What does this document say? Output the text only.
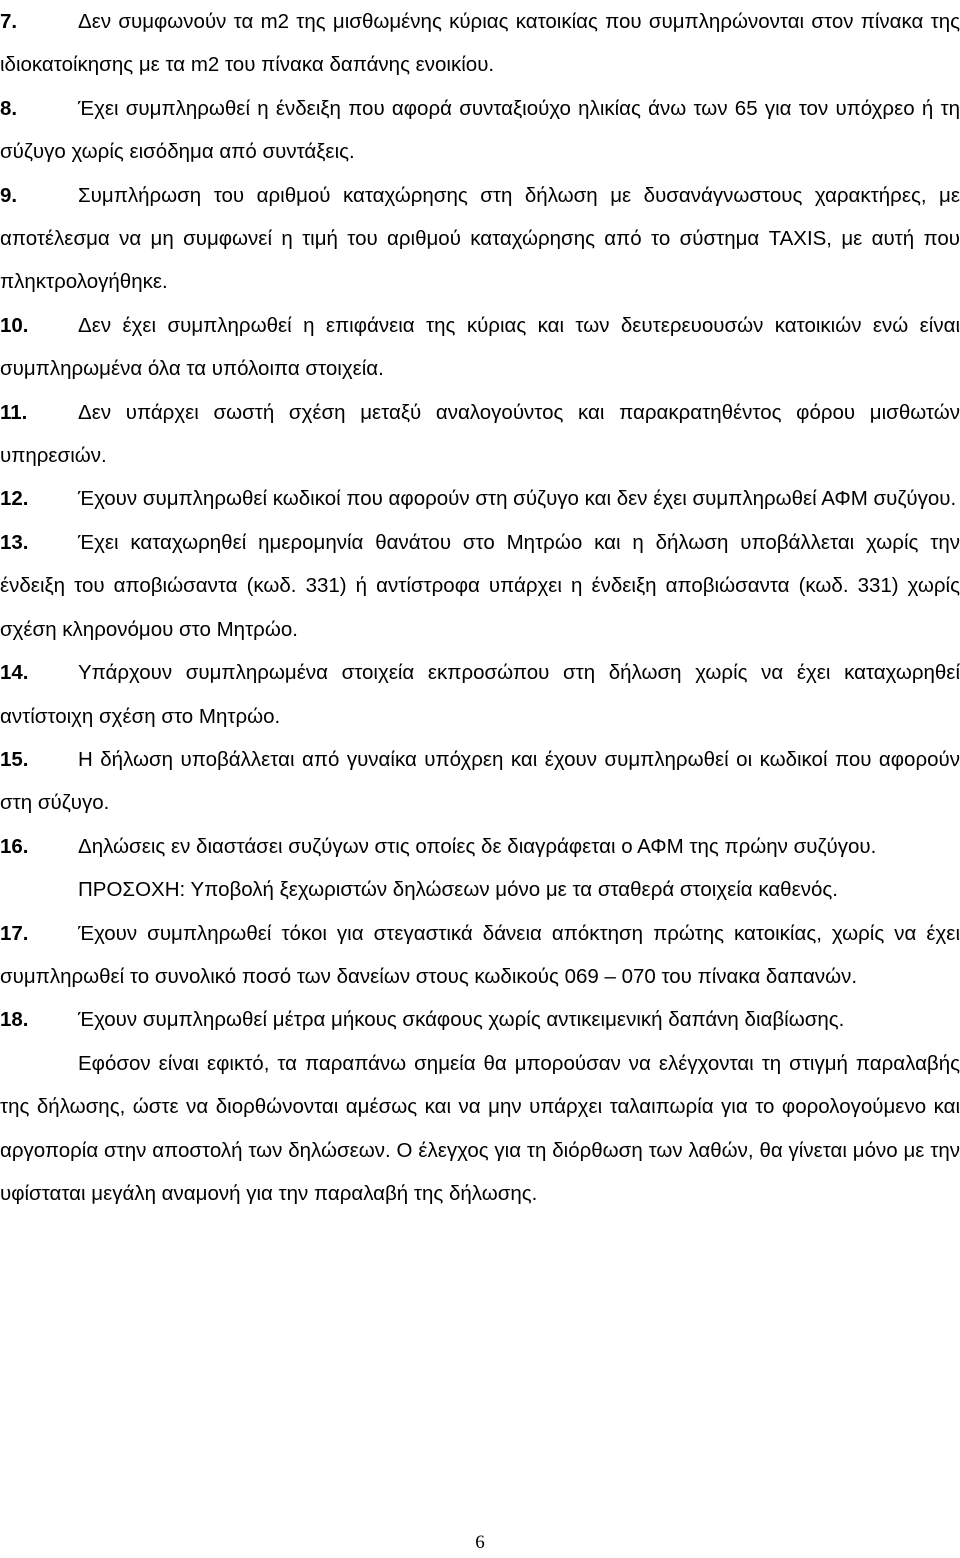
7.	Δεν συμφωνούν τα m2 της μισθωμένης κύριας κατοικίας που συμπληρώνονται στον πίνακα της ιδιοκατοίκησης με τα m2 του πίνακα δαπάνης ενοικίου.

8.	Έχει συμπληρωθεί η ένδειξη που αφορά συνταξιούχο ηλικίας άνω των 65 για τον υπόχρεο ή τη σύζυγο χωρίς εισόδημα από συντάξεις.

9.	Συμπλήρωση του αριθμού καταχώρησης στη δήλωση με δυσανάγνωστους χαρακτήρες, με αποτέλεσμα να μη συμφωνεί η τιμή του αριθμού καταχώρησης από το σύστημα TAXIS, με αυτή που πληκτρολογήθηκε.

10. Δεν έχει συμπληρωθεί η επιφάνεια της κύριας και των δευτερευουσών κατοικιών ενώ είναι συμπληρωμένα όλα τα υπόλοιπα στοιχεία.

11. Δεν υπάρχει σωστή σχέση μεταξύ αναλογούντος και παρακρατηθέντος φόρου μισθωτών υπηρεσιών.

12. Έχουν συμπληρωθεί κωδικοί που αφορούν στη σύζυγο και δεν έχει συμπληρωθεί ΑΦΜ συζύγου.

13. Έχει καταχωρηθεί ημερομηνία θανάτου στο Μητρώο και η δήλωση υποβάλλεται χωρίς την ένδειξη του αποβιώσαντα (κωδ. 331) ή αντίστροφα υπάρχει η ένδειξη αποβιώσαντα (κωδ. 331) χωρίς σχέση κληρονόμου στο Μητρώο.

14. Υπάρχουν συμπληρωμένα στοιχεία εκπροσώπου στη δήλωση χωρίς να έχει καταχωρηθεί αντίστοιχη σχέση στο Μητρώο.

15. Η δήλωση υποβάλλεται από γυναίκα υπόχρεη και έχουν συμπληρωθεί οι κωδικοί που αφορούν στη σύζυγο.

16. Δηλώσεις εν διαστάσει συζύγων στις οποίες δε διαγράφεται ο ΑΦΜ της πρώην συζύγου.

ΠΡΟΣΟΧΗ: Υποβολή ξεχωριστών δηλώσεων μόνο με τα σταθερά στοιχεία καθενός.

17. Έχουν συμπληρωθεί τόκοι για στεγαστικά δάνεια απόκτηση πρώτης κατοικίας, χωρίς να έχει συμπληρωθεί το συνολικό ποσό των δανείων στους κωδικούς 069 – 070 του πίνακα δαπανών.

18. Έχουν συμπληρωθεί μέτρα μήκους σκάφους χωρίς αντικειμενική δαπάνη διαβίωσης.

Εφόσον είναι εφικτό, τα παραπάνω σημεία θα μπορούσαν να ελέγχονται τη στιγμή παραλαβής της δήλωσης, ώστε να διορθώνονται αμέσως και να μην υπάρχει ταλαιπωρία για το φορολογούμενο και αργοπορία στην αποστολή των δηλώσεων. Ο έλεγχος για τη διόρθωση των λαθών, θα γίνεται μόνο με την υφίσταται μεγάλη αναμονή για την παραλαβή της δήλωσης.

6
